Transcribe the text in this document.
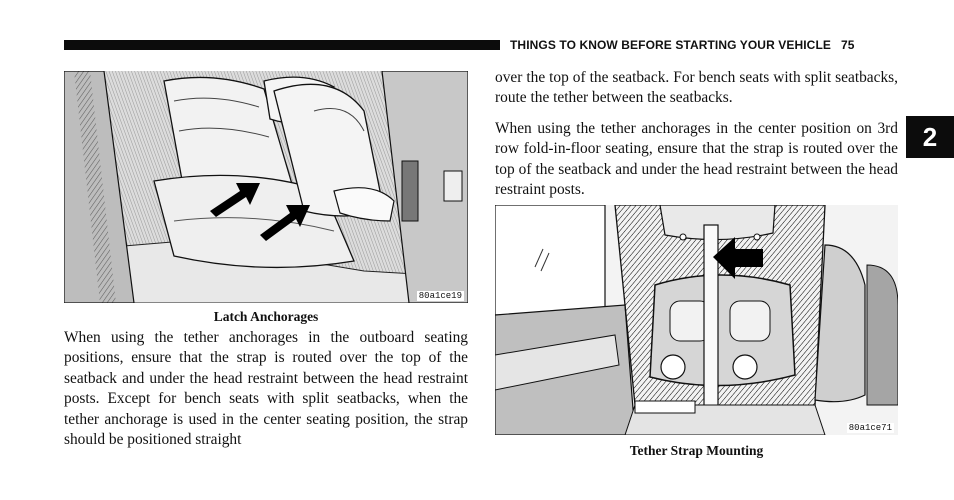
THINGS TO KNOW BEFORE STARTING YOUR VEHICLE 75
2
80a1ce19
Latch Anchorages

When using the tether anchorages in the outboard seating positions, ensure that the strap is routed over the top of the seatback and under the head restraint between the head restraint posts. Except for bench seats with split seatbacks, when the tether anchorage is used in the center seating position, the strap should be positioned straight

over the top of the seatback. For bench seats with split seatbacks, route the tether between the seatbacks.

When using the tether anchorages in the center position on 3rd row fold-in-floor seating, ensure that the strap is routed over the top of the seatback and under the head restraint between the head restraint posts.

80a1ce71
Tether Strap Mounting
